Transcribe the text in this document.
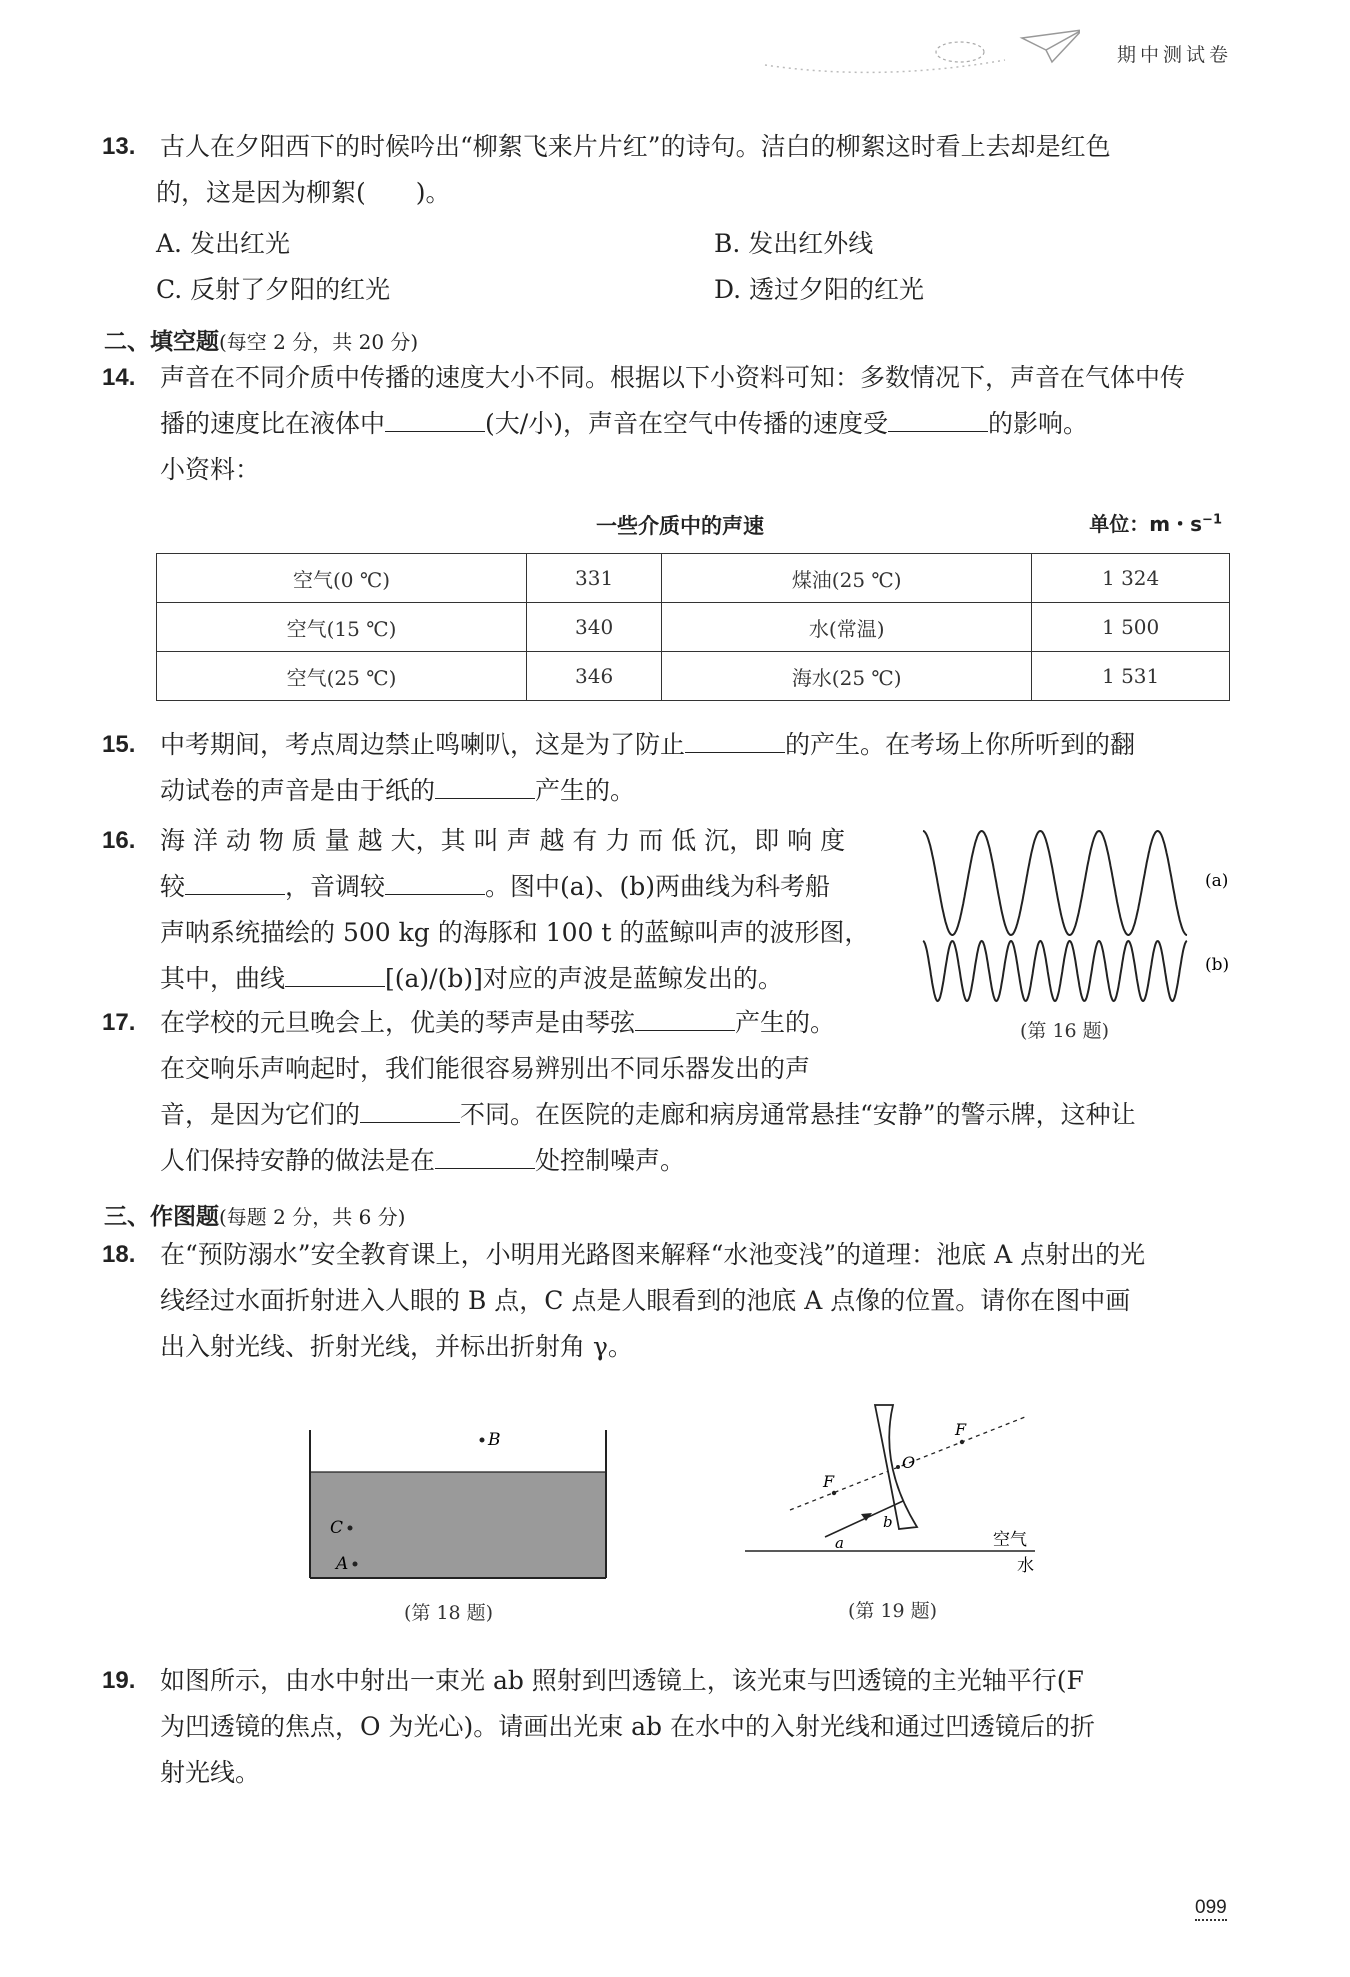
期中测试卷
13. 古人在夕阳西下的时候吟出“柳絮飞来片片红”的诗句。洁白的柳絮这时看上去却是红色
的，这是因为柳絮(　　)。
A. 发出红光	B. 发出红外线
C. 反射了夕阳的红光	D. 透过夕阳的红光
二、填空题(每空 2 分，共 20 分)
14. 声音在不同介质中传播的速度大小不同。根据以下小资料可知：多数情况下，声音在气体中传
播的速度比在液体中	(大/小)，声音在空气中传播的速度受	的影响。
小资料：
一些介质中的声速	单位：m・$s^{-1}$
空气(0 ℃)	331	煤油(25 ℃)	1 324
空气(15 ℃)	340	水(常温)	1 500
空气(25 ℃)	346	海水(25 ℃)	1 531
15. 中考期间，考点周边禁止鸣喇叭，这是为了防止	的产生。在考场上你所听到的翻
动试卷的声音是由于纸的	产生的。
16. 海 洋 动 物 质 量 越 大，其 叫 声 越 有 力 而 低 沉，即 响 度
较	，音调较	。图中(a)、(b)两曲线为科考船
声呐系统描绘的 500 kg 的海豚和 100 t 的蓝鲸叫声的波形图，
其中，曲线	[(a)/(b)]对应的声波是蓝鲸发出的。
(a)
(b)
(第 16 题)
17. 在学校的元旦晚会上，优美的琴声是由琴弦	产生的。
在交响乐声响起时，我们能很容易辨别出不同乐器发出的声
音，是因为它们的	不同。在医院的走廊和病房通常悬挂“安静”的警示牌，这种让
人们保持安静的做法是在	处控制噪声。
三、作图题(每题 2 分，共 6 分)
18. 在“预防溺水”安全教育课上，小明用光路图来解释“水池变浅”的道理：池底 A 点射出的光
线经过水面折射进入人眼的 B 点，C 点是人眼看到的池底 A 点像的位置。请你在图中画
出入射光线、折射光线，并标出折射角 γ。
B
C
A
(第 18 题)
F
F
O
a
b
空气
水
(第 19 题)
19. 如图所示，由水中射出一束光 ab 照射到凹透镜上，该光束与凹透镜的主光轴平行(F
为凹透镜的焦点，O 为光心)。请画出光束 ab 在水中的入射光线和通过凹透镜后的折
射光线。
099
